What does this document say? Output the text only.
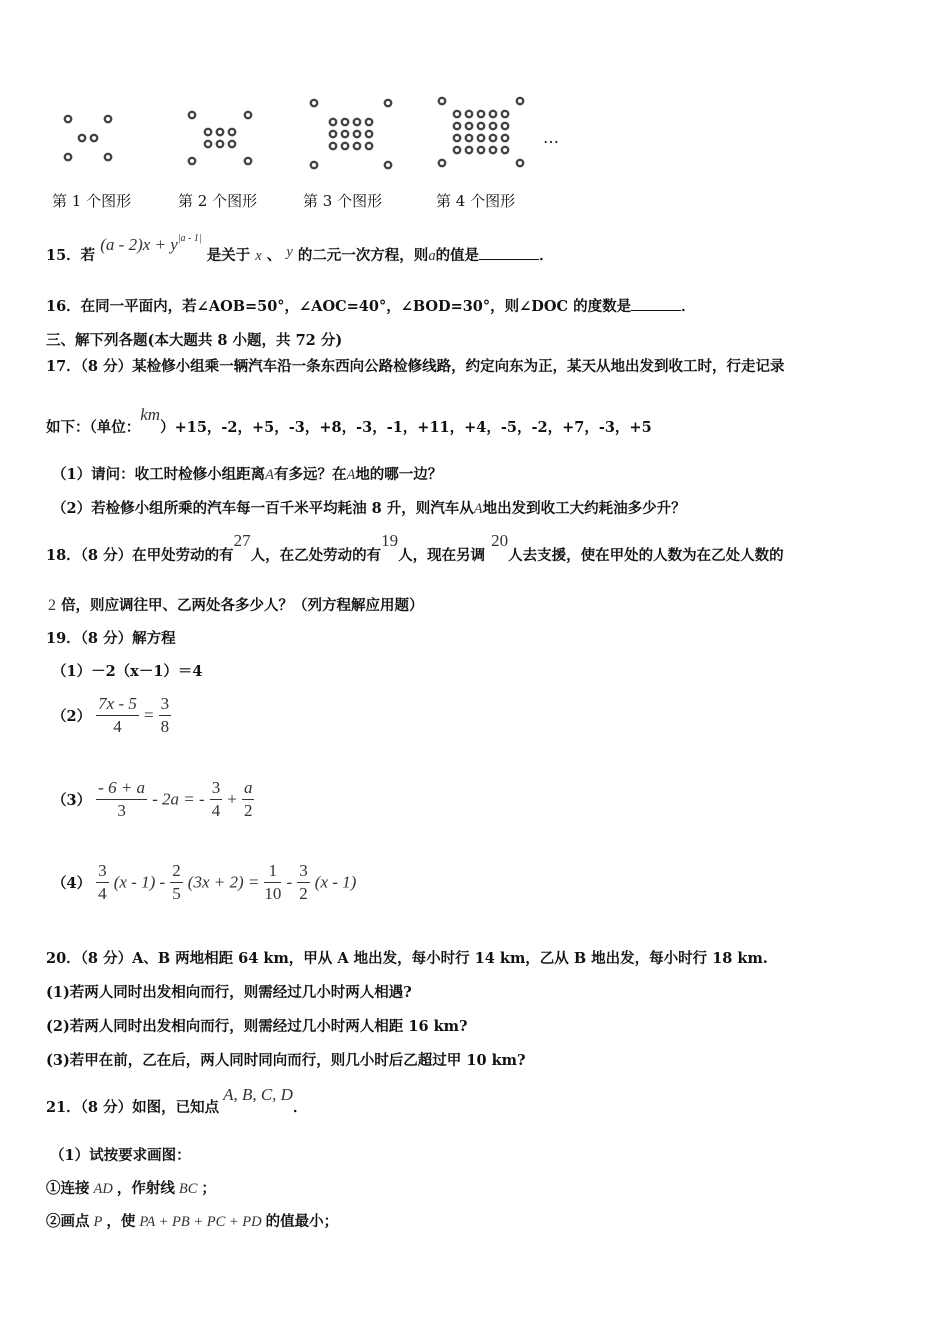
…
第 1 个图形	第 2 个图形	第 3 个图形	第 4 个图形
15．若 $(a - 2)x + y^{|a - 1|}$ 是关于 x 、 y 的二元一次方程，则a的值是	．
16．在同一平面内，若∠AOB=50°，∠AOC=40°，∠BOD=30°，则∠DOC 的度数是	．
三、解下列各题(本大题共 8 小题，共 72 分)
17．（8 分）某检修小组乘一辆汽车沿一条东西向公路检修线路，约定向东为正，某天从地出发到收工时，行走记录
如下：（单位：km）+15，-2，+5，-3，+8，-3，-1，+11，+4，-5，-2，+7，-3，+5
（1）请问：收工时检修小组距离A有多远？在A地的哪一边？
（2）若检修小组所乘的汽车每一百千米平均耗油 8 升，则汽车从A地出发到收工大约耗油多少升？
18．（8 分）在甲处劳动的有27人，在乙处劳动的有19人，现在另调20人去支援，使在甲处的人数为在乙处人数的
2 倍，则应调往甲、乙两处各多少人？（列方程解应用题）
19．（8 分）解方程
（1）－2（x－1）＝4
$(2) \frac{7x - 5}{4} = \frac{3}{8}$
$(3) \frac{- 6 + a}{3} - 2a$ = - $\frac{3}{4} + \frac{a}{2}$
$(4) \frac{3}{4} (x - 1) - \frac{2}{5} (3x + 2) = \frac{1}{10} - \frac{3}{2} (x - 1)$
20．（8 分）A、B 两地相距 64 km，甲从 A 地出发，每小时行 14 km，乙从 B 地出发，每小时行 18 km.
(1)若两人同时出发相向而行，则需经过几小时两人相遇?
(2)若两人同时出发相向而行，则需经过几小时两人相距 16 km?
(3)若甲在前，乙在后，两人同时同向而行，则几小时后乙超过甲 10 km?
21．（8 分）如图，已知点A, B, C, D．
（1）试按要求画图：
①连接 AD ，作射线 BC ；
②画点 P ，使 PA + PB + PC + PD 的值最小；
